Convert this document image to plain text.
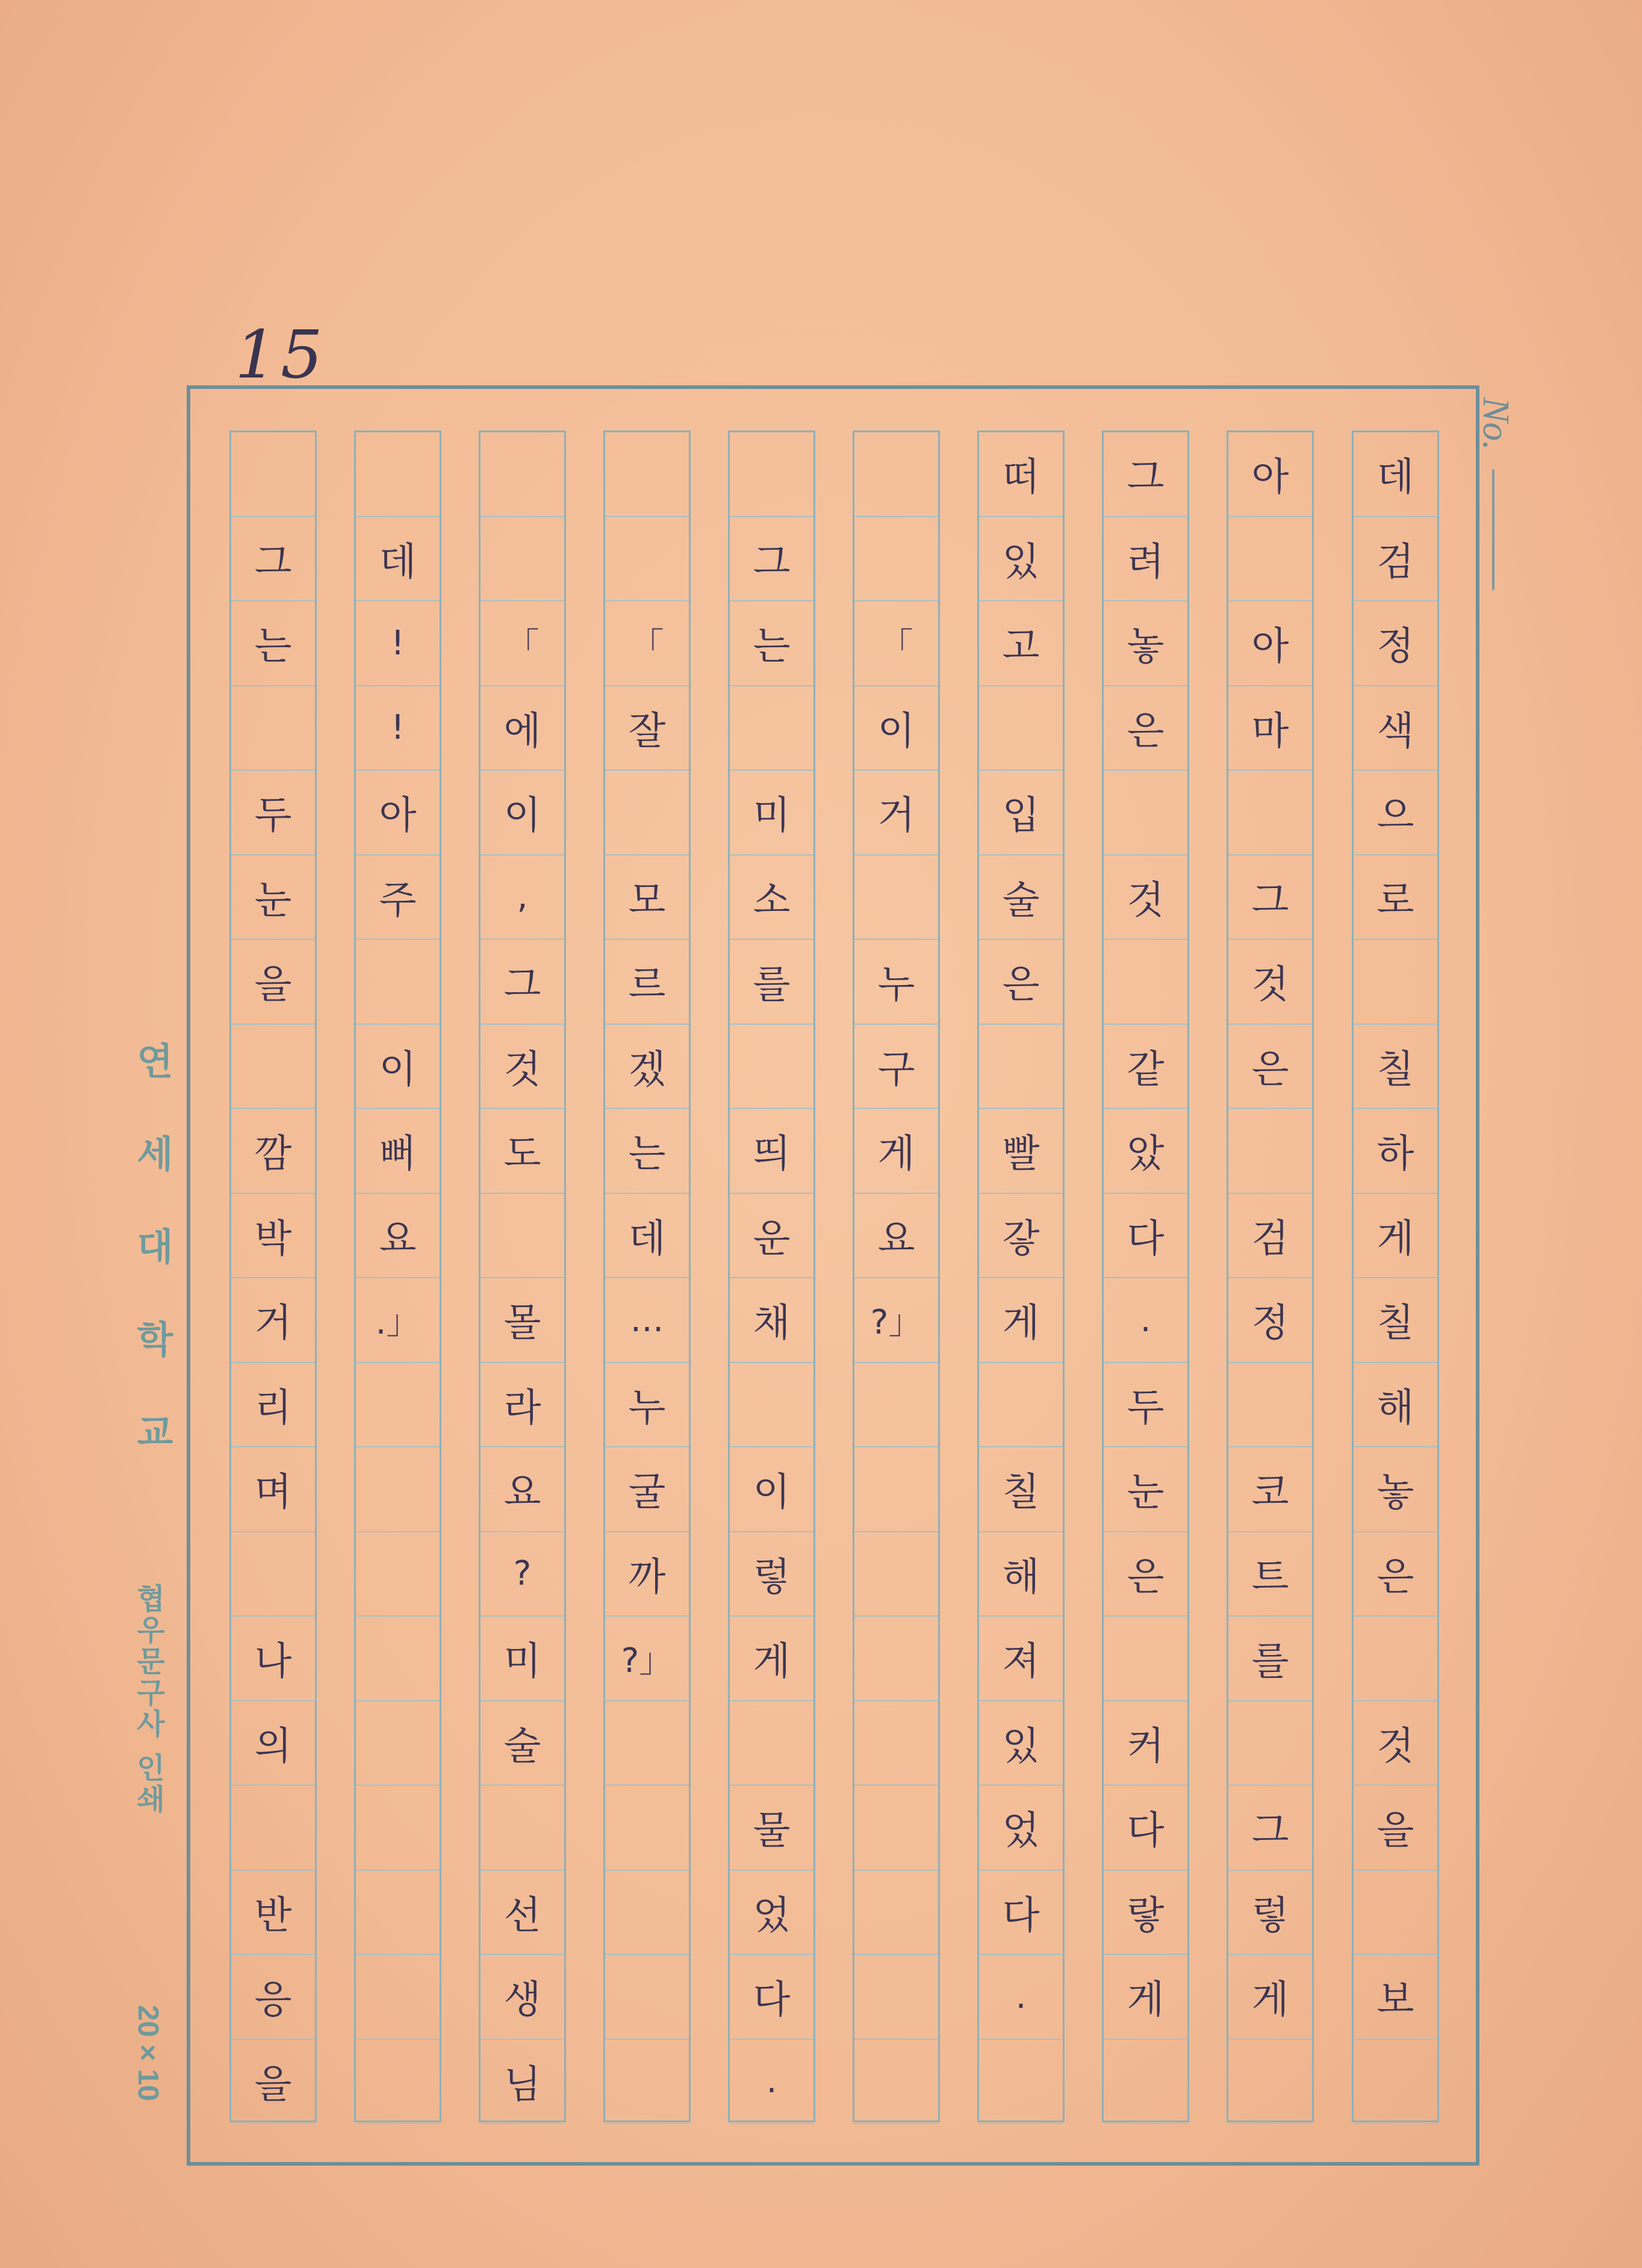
15
No.
연세대학교
협우문구사 인쇄
20×10
데
검
정
색
으
로
칠
하
게
칠
해
놓
은
것
을
보
아
아
마
그
것
은
검
정
코
트
를
그
렇
게
그
려
놓
은
것
같
았
다
.
두
눈
은
커
다
랗
게
떠
있
고
입
술
은
빨
갛
게
칠
해
져
있
었
다
.
「
이
거
누
구
게
요
?」
그
는
미
소
를
띄
운
채
이
렇
게
물
었
다
.
「
잘
모
르
겠
는
데
…
누
굴
까
?」
「
에
이
,
그
것
도
몰
라
요
?
미
술
선
생
님
데
!
!
아
주
이
뻐
요
.」
그
는
두
눈
을
깜
박
거
리
며
나
의
반
응
을
